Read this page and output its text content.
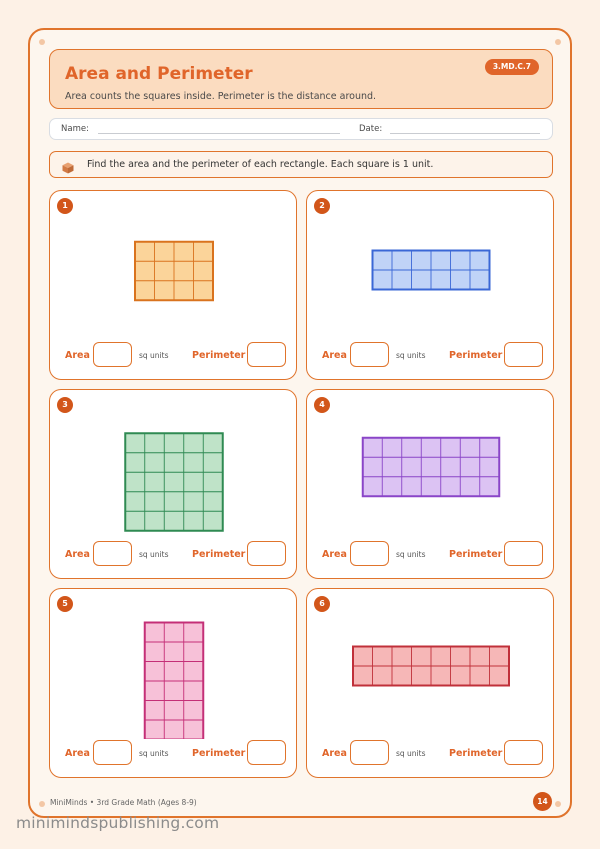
Area and Perimeter
Area counts the squares inside. Perimeter is the distance around.
3.MD.C.7
Name:	Date:
Find the area and the perimeter of each rectangle. Each square is 1 unit.
1
Area	sq units Perimeter
2
Area	sq units Perimeter
3
Area	sq units Perimeter
4
Area	sq units Perimeter
5
Area	sq units Perimeter
6
Area	sq units Perimeter
MiniMinds • 3rd Grade Math (Ages 8-9)	14
minimindspublishing.com
